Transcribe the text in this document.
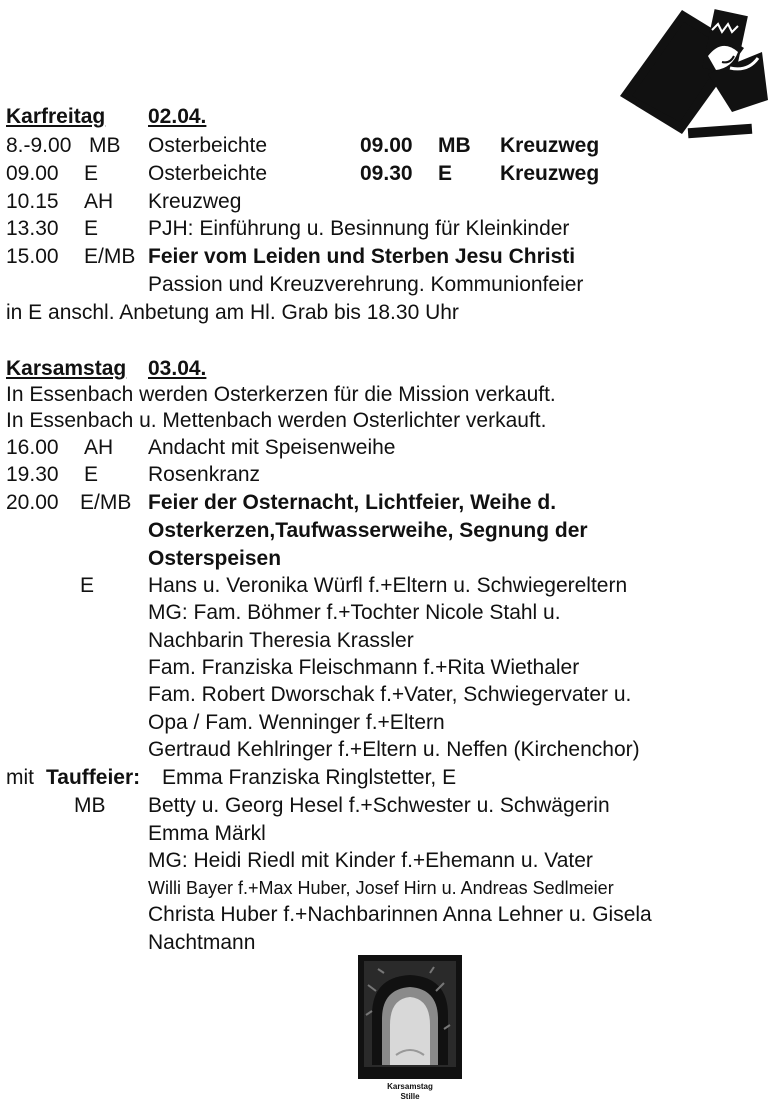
Karfreitag 02.04.
8.-9.00 MB Osterbeichte	09.00 MB Kreuzweg
09.00 E Osterbeichte	09.30 E Kreuzweg
10.15 AH Kreuzweg
13.30 E PJH: Einführung u. Besinnung für Kleinkinder
15.00 E/MB Feier vom Leiden und Sterben Jesu Christi
Passion und Kreuzverehrung. Kommunionfeier
in E anschl. Anbetung am Hl. Grab bis 18.30 Uhr
Karsamstag 03.04.
In Essenbach werden Osterkerzen für die Mission verkauft.
In Essenbach u. Mettenbach werden Osterlichter verkauft.
16.00 AH Andacht mit Speisenweihe
19.30 E Rosenkranz
20.00 E/MB Feier der Osternacht, Lichtfeier, Weihe d.
Osterkerzen,Taufwasserweihe, Segnung der
Osterspeisen
E	Hans u. Veronika Würfl f.+Eltern u. Schwiegereltern
MG: Fam. Böhmer f.+Tochter Nicole Stahl u.
Nachbarin Theresia Krassler
Fam. Franziska Fleischmann f.+Rita Wiethaler
Fam. Robert Dworschak f.+Vater, Schwiegervater u.
Opa / Fam. Wenninger f.+Eltern
Gertraud Kehlringer f.+Eltern u. Neffen (Kirchenchor)
mit Tauffeier: Emma Franziska Ringlstetter, E
MB Betty u. Georg Hesel f.+Schwester u. Schwägerin
Emma Märkl
MG: Heidi Riedl mit Kinder f.+Ehemann u. Vater
Willi Bayer f.+Max Huber, Josef Hirn u. Andreas Sedlmeier
Christa Huber f.+Nachbarinnen Anna Lehner u. Gisela
Nachtmann
Karsamstag
Stille
